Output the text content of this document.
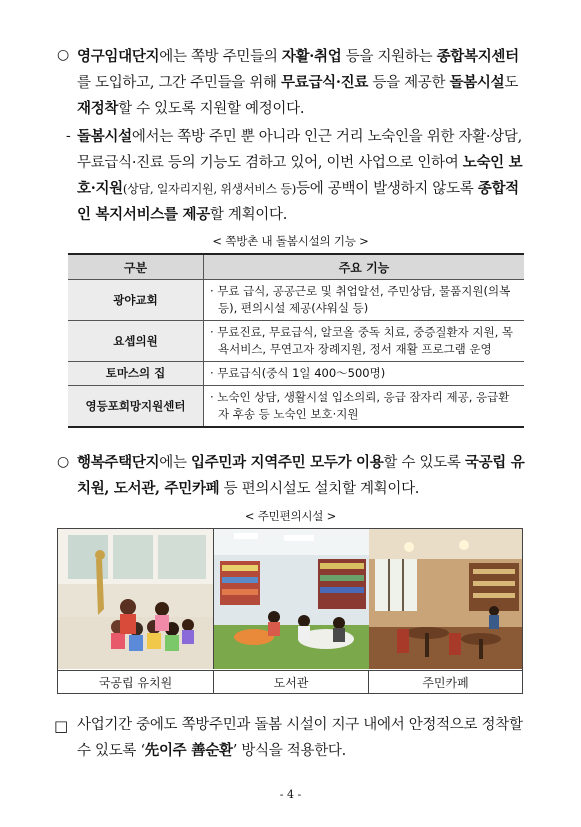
○ 영구임대단지에는 쪽방 주민들의 자활·취업 등을 지원하는 종합복지센터를 도입하고, 그간 주민들을 위해 무료급식·진료 등을 제공한 돌봄시설도 재정착할 수 있도록 지원할 예정이다.
- 돌봄시설에서는 쪽방 주민 뿐 아니라 인근 거리 노숙인을 위한 자활·상담, 무료급식·진료 등의 기능도 겸하고 있어, 이번 사업으로 인하여 노숙인 보호·지원(상담, 일자리지원, 위생서비스 등)등에 공백이 발생하지 않도록 종합적인 복지서비스를 제공할 계획이다.
< 쪽방촌 내 돌봄시설의 기능 >
구분	주요 기능
광야교회	· 무료 급식, 공공근로 및 취업알선, 주민상담, 물품지원(의복 등), 편의시설 제공(샤워실 등)
요셉의원	· 무료진료, 무료급식, 알코올 중독 치료, 중증질환자 지원, 목욕서비스, 무연고자 장례지원, 정서 재활 프로그램 운영
토마스의 집	· 무료급식(중식 1일 400～500명)
영등포희망지원센터	· 노숙인 상담, 생활시설 입소의뢰, 응급 잠자리 제공, 응급환자 후송 등 노숙인 보호·지원
○ 행복주택단지에는 입주민과 지역주민 모두가 이용할 수 있도록 국공립 유치원, 도서관, 주민카페 등 편의시설도 설치할 계획이다.
< 주민편의시설 >
국공립 유치원	도서관	주민카페
□ 사업기간 중에도 쪽방주민과 돌봄 시설이 지구 내에서 안정적으로 정착할 수 있도록 ‘先이주 善순환’ 방식을 적용한다.
- 4 -
